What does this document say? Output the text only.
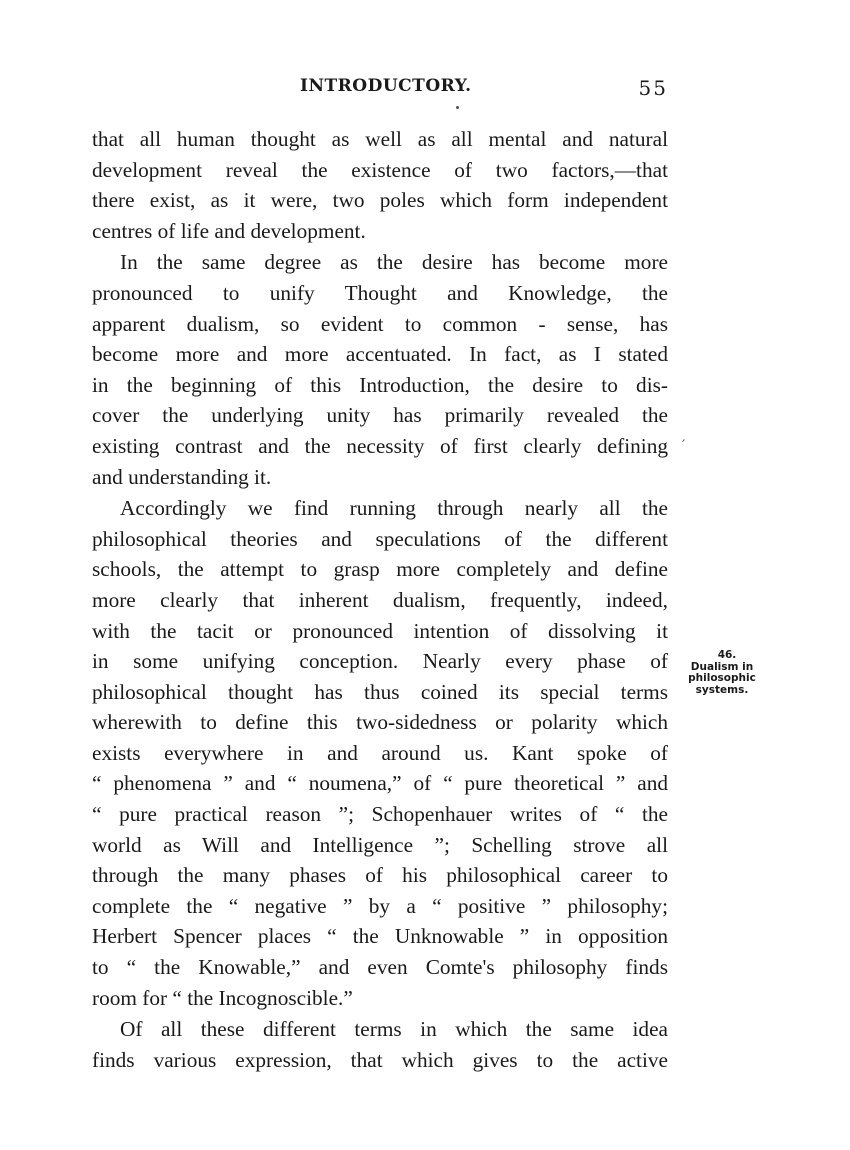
INTRODUCTORY.	55
that all human thought as well as all mental and natural
development reveal the existence of two factors,—that
there exist, as it were, two poles which form independent
centres of life and development.
In the same degree as the desire has become more
pronounced to unify Thought and Knowledge, the
apparent dualism, so evident to common - sense, has
become more and more accentuated. In fact, as I stated
in the beginning of this Introduction, the desire to dis-
cover the underlying unity has primarily revealed the
existing contrast and the necessity of first clearly defining
and understanding it.
Accordingly we find running through nearly all the
philosophical theories and speculations of the different
schools, the attempt to grasp more completely and define
more clearly that inherent dualism, frequently, indeed,
with the tacit or pronounced intention of dissolving it
in some unifying conception. Nearly every phase of
philosophical thought has thus coined its special terms
wherewith to define this two-sidedness or polarity which
exists everywhere in and around us. Kant spoke of
“ phenomena ” and “ noumena,” of “ pure theoretical ” and
“ pure practical reason ”; Schopenhauer writes of “ the
world as Will and Intelligence ”; Schelling strove all
through the many phases of his philosophical career to
complete the “ negative ” by a “ positive ” philosophy;
Herbert Spencer places “ the Unknowable ” in opposition
to “ the Knowable,” and even Comte's philosophy finds
room for “ the Incognoscible.”
Of all these different terms in which the same idea
finds various expression, that which gives to the active
′
46.
Dualism in
philosophic
systems.
